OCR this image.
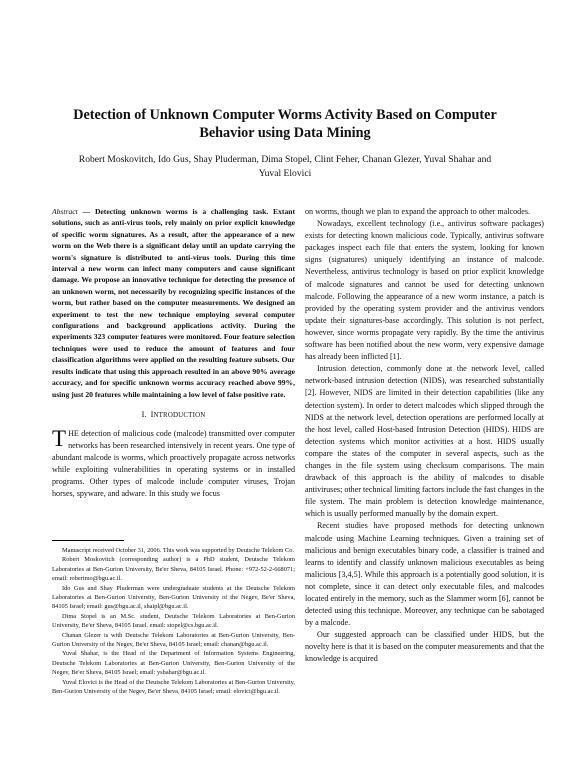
Detection of Unknown Computer Worms Activity Based on Computer Behavior using Data Mining
Robert Moskovitch, Ido Gus, Shay Pluderman, Dima Stopel, Clint Feher, Chanan Glezer, Yuval Shahar and Yuval Elovici
Abstract — Detecting unknown worms is a challenging task. Extant solutions, such as anti-virus tools, rely mainly on prior explicit knowledge of specific worm signatures. As a result, after the appearance of a new worm on the Web there is a significant delay until an update carrying the worm's signature is distributed to anti-virus tools. During this time interval a new worm can infect many computers and cause significant damage. We propose an innovative technique for detecting the presence of an unknown worm, not necessarily by recognizing specific instances of the worm, but rather based on the computer measurements. We designed an experiment to test the new technique employing several computer configurations and background applications activity. During the experiments 323 computer features were monitored. Four feature selection techniques were used to reduce the amount of features and four classification algorithms were applied on the resulting feature subsets. Our results indicate that using this approach resulted in an above 90% average accuracy, and for specific unknown worms accuracy reached above 99%, using just 20 features while maintaining a low level of false positive rate.
I. INTRODUCTION

THE detection of malicious code (malcode) transmitted over computer networks has been researched intensively in recent years. One type of abundant malcode is worms, which proactively propagate across networks while exploiting vulnerabilities in operating systems or in installed programs. Other types of malcode include computer viruses, Trojan horses, spyware, and adware. In this study we focus

Manuscript received October 31, 2006. This work was supported by Deutsche Telekom Co.

Robert Moskovitch (corresponding author) is a PhD student, Deutsche Telekom Laboratories at Ben-Gurion University, Be'er Sheva, 84105 Israel. Phone: +972-52-2-668071; email: robertmo@bgu.ac.il.

Ido Gus and Shay Pluderman were undergraduate students at the Deutsche Telekom Laboratories at Ben-Gurion University, Ben-Gurion University of the Negev, Be'er Sheva, 84105 Israel; email: gus@bgu.ac.il, shaipl@bgu.ac.il.

Dima Stopel is an M.Sc. student, Deutsche Telekom Laboratories at Ben-Gurion University, Be'er Sheva, 84105 Israel. email: stopel@cs.bgu.ac.il.

Chanan Glezer is with Deutsche Telekom Laboratories at Ben-Gurion University, Ben-Gurion University of the Negev, Be'er Sheva, 84105 Israel; email: chanan@bgu.ac.il.

Yuval Shahar, is the Head of the Department of Information Systems Engineering, Deutsche Telekom Laboratories at Ben-Gurion University, Ben-Gurion University of the Negev, Be'er Sheva, 84105 Israel; email: yshahar@bgu.ac.il.

Yuval Elovici is the Head of the Deutsche Telekom Laboratories at Ben-Gurion University, Ben-Gurion University of the Negev, Be'er Sheva, 84105 Israel; email: elovici@bgu.ac.il.

on worms, though we plan to expand the approach to other malcodes.

Nowadays, excellent technology (i.e., antivirus software packages) exists for detecting known malicious code. Typically, antivirus software packages inspect each file that enters the system, looking for known signs (signatures) uniquely identifying an instance of malcode. Nevertheless, antivirus technology is based on prior explicit knowledge of malcode signatures and cannot be used for detecting unknown malcode. Following the appearance of a new worm instance, a patch is provided by the operating system provider and the antivirus vendors update their signatures-base accordingly. This solution is not perfect, however, since worms propagate very rapidly. By the time the antivirus software has been notified about the new worm, very expensive damage has already been inflicted [1].

Intrusion detection, commonly done at the network level, called network-based intrusion detection (NIDS), was researched substantially [2]. However, NIDS are limited in their detection capabilities (like any detection system). In order to detect malcodes which slipped through the NIDS at the network level, detection operations are performed locally at the host level, called Host-based Intrusion Detection (HIDS). HIDS are detection systems which monitor activities at a host. HIDS usually compare the states of the computer in several aspects, such as the changes in the file system using checksum comparisons. The main drawback of this approach is the ability of malcodes to disable antiviruses; other technical limiting factors include the fast changes in the file system. The main problem is detection knowledge maintenance, which is usually performed manually by the domain expert.

Recent studies have proposed methods for detecting unknown malcode using Machine Learning techniques. Given a training set of malicious and benign executables binary code, a classifier is trained and learns to identify and classify unknown malicious executables as being malicious [3,4,5]. While this approach is a potentially good solution, it is not complete, since it can detect only executable files, and malcodes located entirely in the memory, such as the Slammer worm [6], cannot be detected using this technique. Moreover, any technique can be sabotaged by a malcode.

Our suggested approach can be classified under HIDS, but the novelty here is that it is based on the computer measurements and that the knowledge is acquired
